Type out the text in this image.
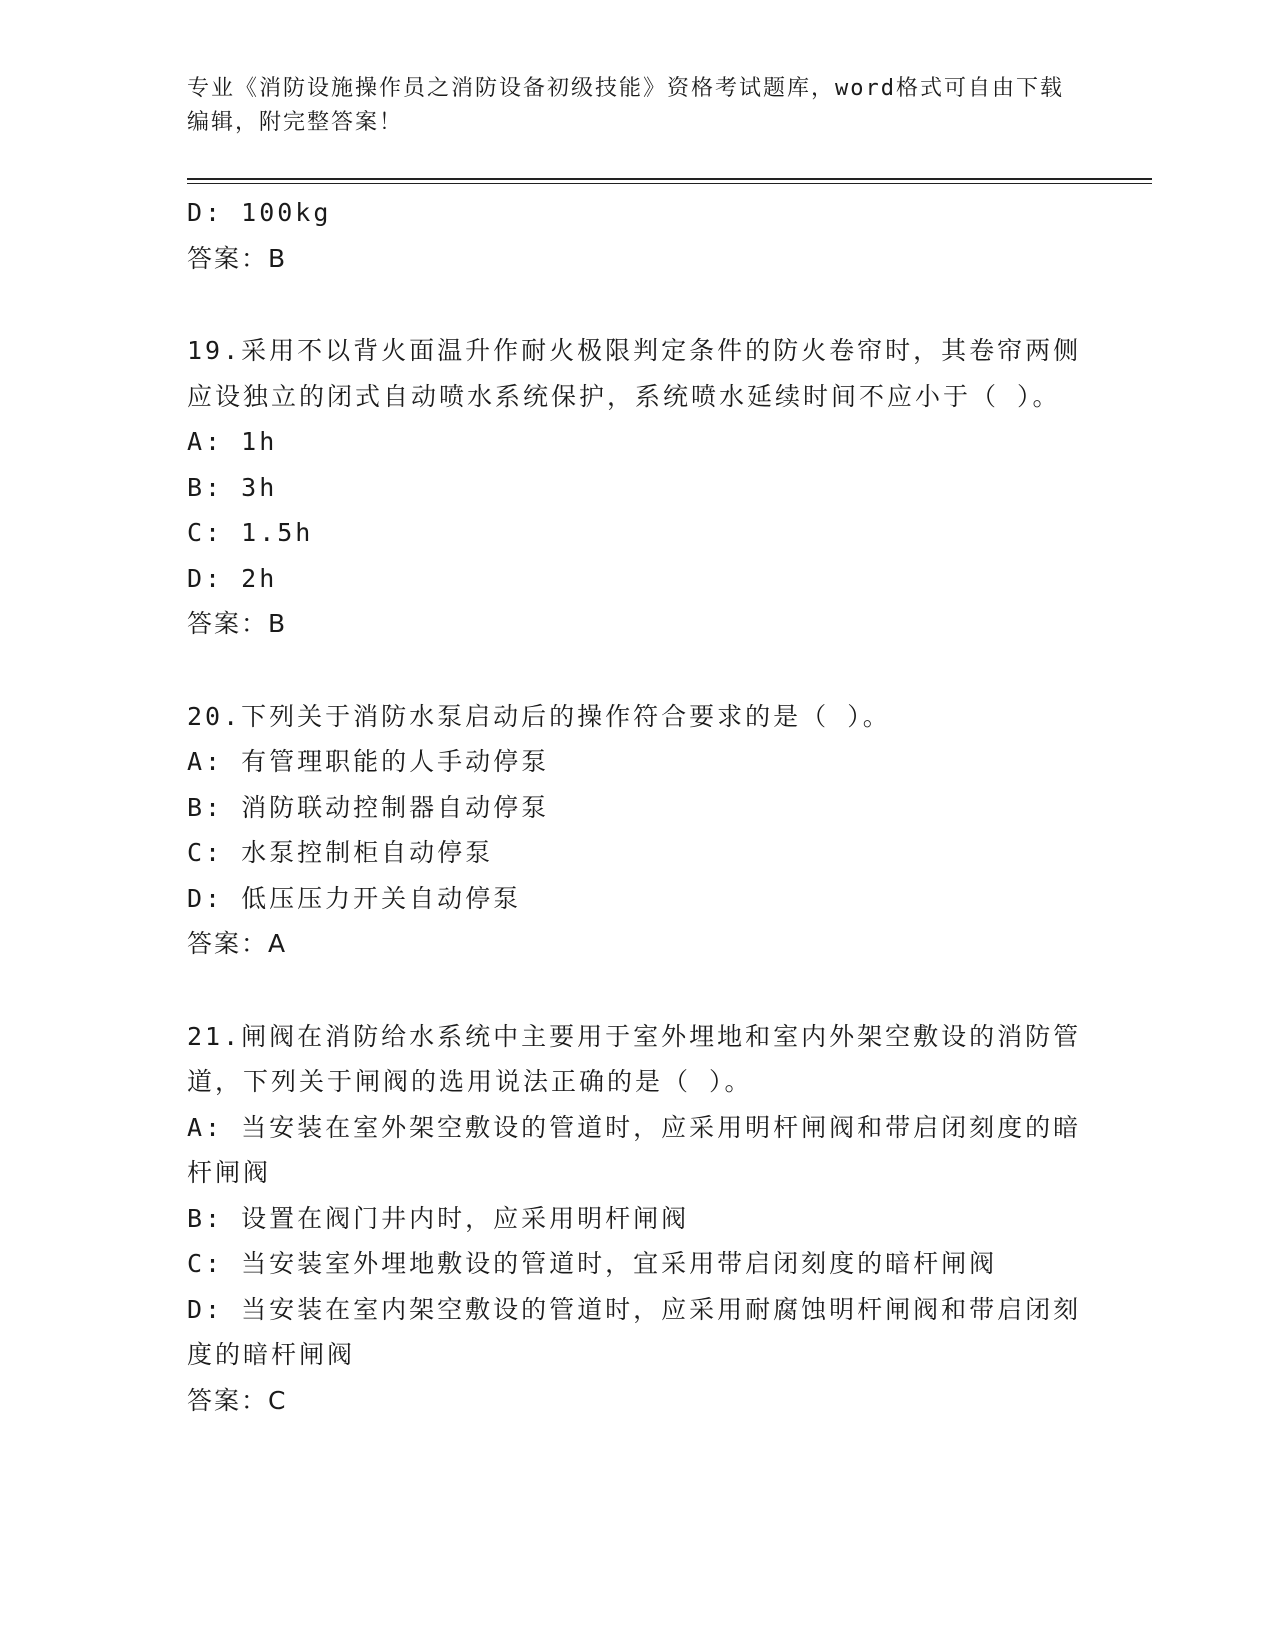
专业《消防设施操作员之消防设备初级技能》资格考试题库，word格式可自由下载编辑，附完整答案！

D: 100kg

答案：B

19.采用不以背火面温升作耐火极限判定条件的防火卷帘时，其卷帘两侧应设独立的闭式自动喷水系统保护，系统喷水延续时间不应小于（ ）。

A: 1h

B: 3h

C: 1.5h

D: 2h

答案：B

20.下列关于消防水泵启动后的操作符合要求的是（ ）。

A: 有管理职能的人手动停泵

B: 消防联动控制器自动停泵

C: 水泵控制柜自动停泵

D: 低压压力开关自动停泵

答案：A

21.闸阀在消防给水系统中主要用于室外埋地和室内外架空敷设的消防管道，下列关于闸阀的选用说法正确的是（ ）。

A: 当安装在室外架空敷设的管道时，应采用明杆闸阀和带启闭刻度的暗杆闸阀

B: 设置在阀门井内时，应采用明杆闸阀

C: 当安装室外埋地敷设的管道时，宜采用带启闭刻度的暗杆闸阀

D: 当安装在室内架空敷设的管道时，应采用耐腐蚀明杆闸阀和带启闭刻度的暗杆闸阀

答案：C
